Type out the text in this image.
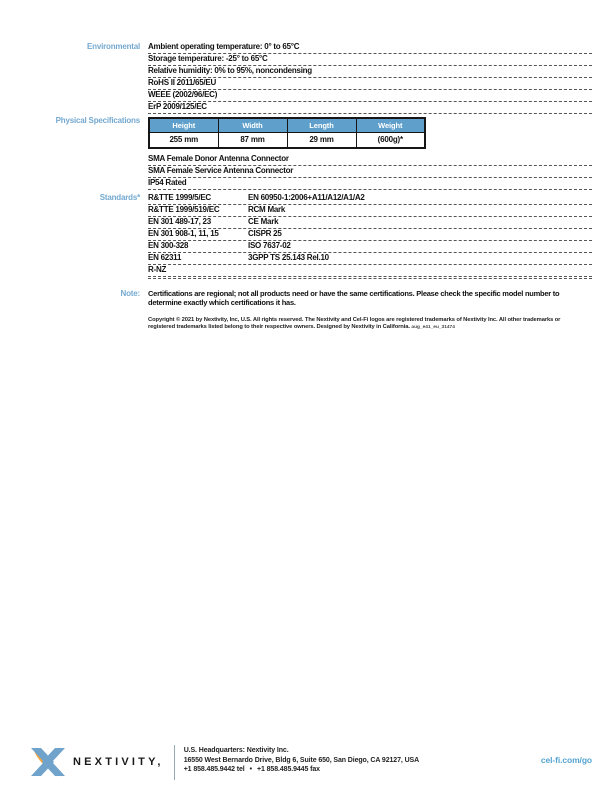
Environmental	Ambient operating temperature: 0° to 65°C
Storage temperature: -25° to 65°C
Relative humidity: 0% to 95%, noncondensing
RoHS II 2011/65/EU
WEEE (2002/96/EC)
ErP 2009/125/EC
Physical Specifications	Height	Width	Length	Weight
255 mm	87 mm	29 mm	(600g)*
SMA Female Donor Antenna Connector
SMA Female Service Antenna Connector
IP54 Rated
Standards*	R&TTE 1999/5/EC	EN 60950-1:2006+A11/A12/A1/A2
R&TTE 1999/519/EC	RCM Mark
EN 301 489-17, 23	CE Mark
EN 301 908-1, 11, 15	CISPR 25
EN 300-328	ISO 7637-02
EN 62311	3GPP TS 25.143 Rel.10
R-NZ
Note:	Certifications are regional; not all products need or have the same certifications. Please check the specific model number to determine exactly which certifications it has.
Copyright © 2021 by Nextivity, Inc, U.S. All rights reserved. The Nextivity and Cel-Fi logos are registered trademarks of Nextivity Inc. All other trademarks or registered trademarks listed belong to their respective owners. Designed by Nextivity in California. aug_e41_eu_31474
NEXTIVITY,
U.S. Headquarters: Nextivity Inc.
16550 West Bernardo Drive, Bldg 6, Suite 650, San Diego, CA 92127, USA
+1 858.485.9442 tel • +1 858.485.9445 fax
cel-fi.com/go
